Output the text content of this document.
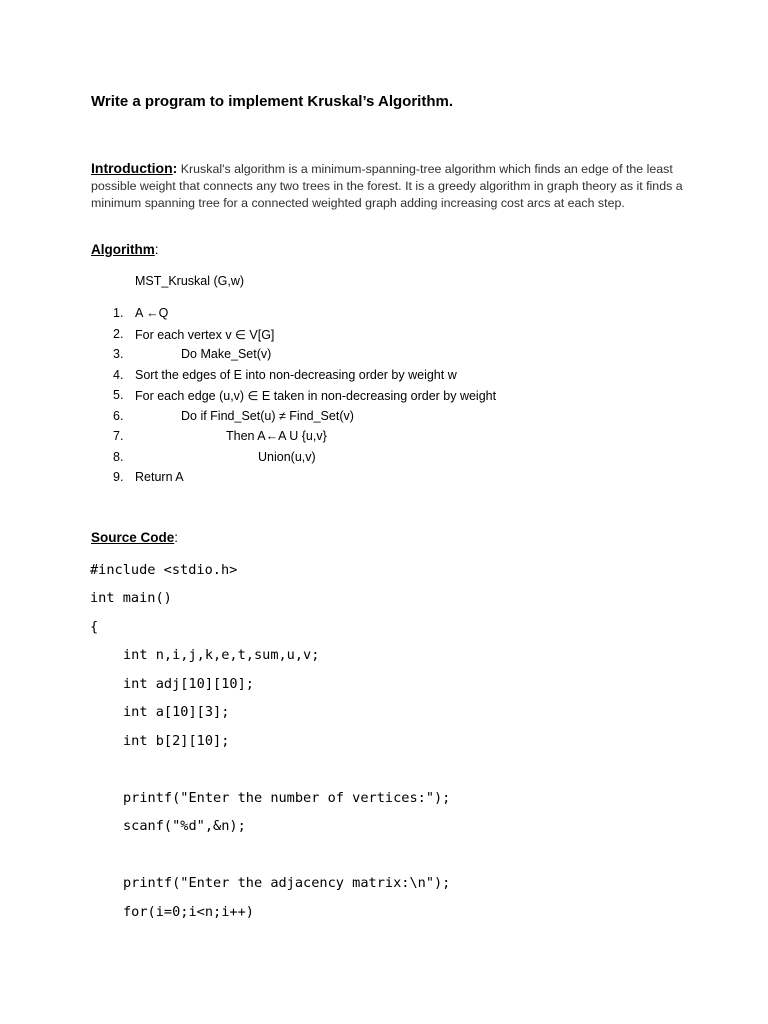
Write a program to implement Kruskal’s Algorithm.
Introduction: Kruskal's algorithm is a minimum-spanning-tree algorithm which finds an edge of the least possible weight that connects any two trees in the forest. It is a greedy algorithm in graph theory as it finds a minimum spanning tree for a connected weighted graph adding increasing cost arcs at each step.
Algorithm:
MST_Kruskal (G,w)
1. A ←Q
2. For each vertex v ∈ V[G]
3.	Do Make_Set(v)
4. Sort the edges of E into non-decreasing order by weight w
5. For each edge (u,v) ∈ E taken in non-decreasing order by weight
6.	Do if Find_Set(u) ≠ Find_Set(v)
7.	Then A←A U {u,v}
8.	Union(u,v)
9. Return A
Source Code:
#include <stdio.h>
int main()
{
int n,i,j,k,e,t,sum,u,v;
int adj[10][10];
int a[10][3];
int b[2][10];
printf("Enter the number of vertices:");
scanf("%d",&n);
printf("Enter the adjacency matrix:\n");
for(i=0;i<n;i++)
